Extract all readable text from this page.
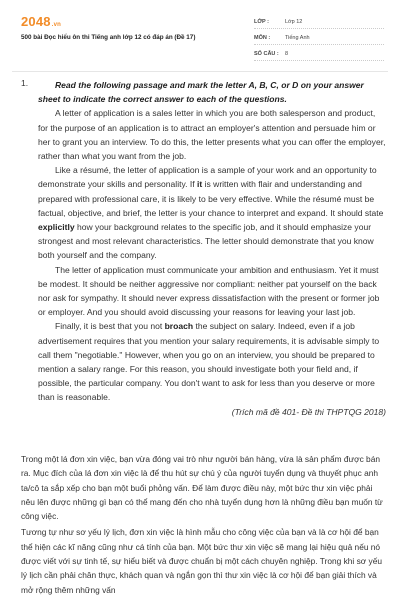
2048.vn
500 bài Đọc hiểu ôn thi Tiếng anh lớp 12 có đáp án (Đề 17)
LỚP :	Lớp 12
MÔN :	Tiếng Anh
SỐ CÂU :	8
1.	Read the following passage and mark the letter A, B, C, or D on your answer sheet to indicate the correct answer to each of the questions.

A letter of application is a sales letter in which you are both salesperson and product, for the purpose of an application is to attract an employer's attention and persuade him or her to grant you an interview. To do this, the letter presents what you can offer the employer, rather than what you want from the job.

Like a résumé, the letter of application is a sample of your work and an opportunity to demonstrate your skills and personality. If it is written with flair and understanding and prepared with professional care, it is likely to be very effective. While the résumé must be factual, objective, and brief, the letter is your chance to interpret and expand. It should state explicitly how your background relates to the specific job, and it should emphasize your strongest and most relevant characteristics. The letter should demonstrate that you know both yourself and the company.

The letter of application must communicate your ambition and enthusiasm. Yet it must be modest. It should be neither aggressive nor compliant: neither pat yourself on the back nor ask for sympathy. It should never express dissatisfaction with the present or former job or employer. And you should avoid discussing your reasons for leaving your last job.

Finally, it is best that you not broach the subject on salary. Indeed, even if a job advertisement requires that you mention your salary requirements, it is advisable simply to call them "negotiable." However, when you go on an interview, you should be prepared to mention a salary range. For this reason, you should investigate both your field and, if possible, the particular company. You don't want to ask for less than you deserve or more than is reasonable.

(Trích mã đề 401- Đề thi THPTQG 2018)

Trong một lá đơn xin việc, bạn vừa đóng vai trò như người bán hàng, vừa là sản phẩm được bán ra. Mục đích của lá đơn xin việc là để thu hút sự chú ý của người tuyển dụng và thuyết phục anh ta/cô ta sắp xếp cho bạn một buổi phỏng vấn. Để làm được điều này, một bức thư xin việc phải nêu lên được những gì bạn có thể mang đến cho nhà tuyển dụng hơn là những điều bạn muốn từ công việc.

Tương tự như sơ yếu lý lịch, đơn xin việc là hình mẫu cho công việc của bạn và là cơ hội để bạn thể hiện các kĩ năng cũng như cá tính của bạn. Một bức thư xin việc sẽ mang lại hiệu quả nếu nó được viết với sự tinh tế, sự hiểu biết và được chuẩn bị một cách chuyên nghiệp. Trong khi sơ yếu lý lịch cần phải chân thực, khách quan và ngắn gọn thì thư xin việc là cơ hội để bạn giải thích và mở rộng thêm những vấn
